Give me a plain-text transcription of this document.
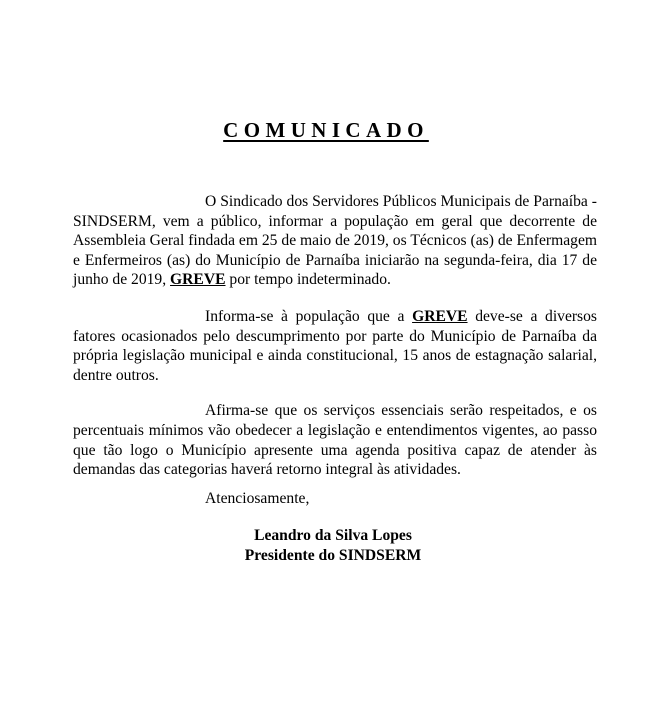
COMUNICADO

O Sindicado dos Servidores Públicos Municipais de Parnaíba - SINDSERM, vem a público, informar a população em geral que decorrente de Assembleia Geral findada em 25 de maio de 2019, os Técnicos (as) de Enfermagem e Enfermeiros (as) do Município de Parnaíba iniciarão na segunda-feira, dia 17 de junho de 2019, GREVE por tempo indeterminado.

Informa-se à população que a GREVE deve-se a diversos fatores ocasionados pelo descumprimento por parte do Município de Parnaíba da própria legislação municipal e ainda constitucional, 15 anos de estagnação salarial, dentre outros.

Afirma-se que os serviços essenciais serão respeitados, e os percentuais mínimos vão obedecer a legislação e entendimentos vigentes, ao passo que tão logo o Município apresente uma agenda positiva capaz de atender às demandas das categorias haverá retorno integral às atividades.

Atenciosamente,
Leandro da Silva Lopes
Presidente do SINDSERM
